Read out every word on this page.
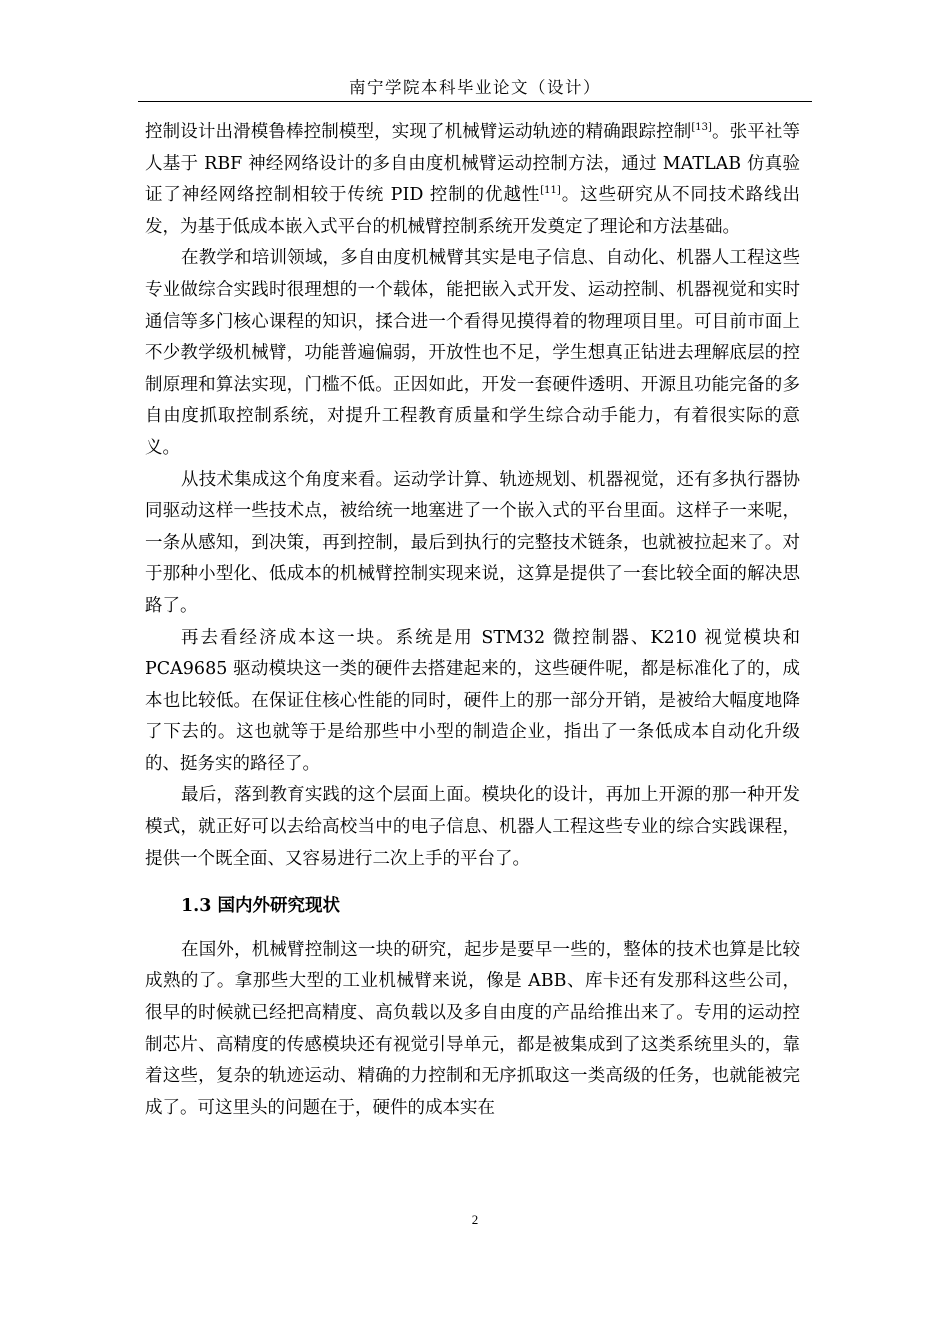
南宁学院本科毕业论文（设计）

控制设计出滑模鲁棒控制模型，实现了机械臂运动轨迹的精确跟踪控制[13]。张平社等人基于 RBF 神经网络设计的多自由度机械臂运动控制方法，通过 MATLAB 仿真验证了神经网络控制相较于传统 PID 控制的优越性[11]。这些研究从不同技术路线出发，为基于低成本嵌入式平台的机械臂控制系统开发奠定了理论和方法基础。

在教学和培训领域，多自由度机械臂其实是电子信息、自动化、机器人工程这些专业做综合实践时很理想的一个载体，能把嵌入式开发、运动控制、机器视觉和实时通信等多门核心课程的知识，揉合进一个看得见摸得着的物理项目里。可目前市面上不少教学级机械臂，功能普遍偏弱，开放性也不足，学生想真正钻进去理解底层的控制原理和算法实现，门槛不低。正因如此，开发一套硬件透明、开源且功能完备的多自由度抓取控制系统，对提升工程教育质量和学生综合动手能力，有着很实际的意义。

从技术集成这个角度来看。运动学计算、轨迹规划、机器视觉，还有多执行器协同驱动这样一些技术点，被给统一地塞进了一个嵌入式的平台里面。这样子一来呢，一条从感知，到决策，再到控制，最后到执行的完整技术链条，也就被拉起来了。对于那种小型化、低成本的机械臂控制实现来说，这算是提供了一套比较全面的解决思路了。

再去看经济成本这一块。系统是用 STM32 微控制器、K210 视觉模块和 PCA9685 驱动模块这一类的硬件去搭建起来的，这些硬件呢，都是标准化了的，成本也比较低。在保证住核心性能的同时，硬件上的那一部分开销，是被给大幅度地降了下去的。这也就等于是给那些中小型的制造企业，指出了一条低成本自动化升级的、挺务实的路径了。

最后，落到教育实践的这个层面上面。模块化的设计，再加上开源的那一种开发模式，就正好可以去给高校当中的电子信息、机器人工程这些专业的综合实践课程，提供一个既全面、又容易进行二次上手的平台了。

1.3 国内外研究现状

在国外，机械臂控制这一块的研究，起步是要早一些的，整体的技术也算是比较成熟的了。拿那些大型的工业机械臂来说，像是 ABB、库卡还有发那科这些公司，很早的时候就已经把高精度、高负载以及多自由度的产品给推出来了。专用的运动控制芯片、高精度的传感模块还有视觉引导单元，都是被集成到了这类系统里头的，靠着这些，复杂的轨迹运动、精确的力控制和无序抓取这一类高级的任务，也就能被完成了。可这里头的问题在于，硬件的成本实在

2
